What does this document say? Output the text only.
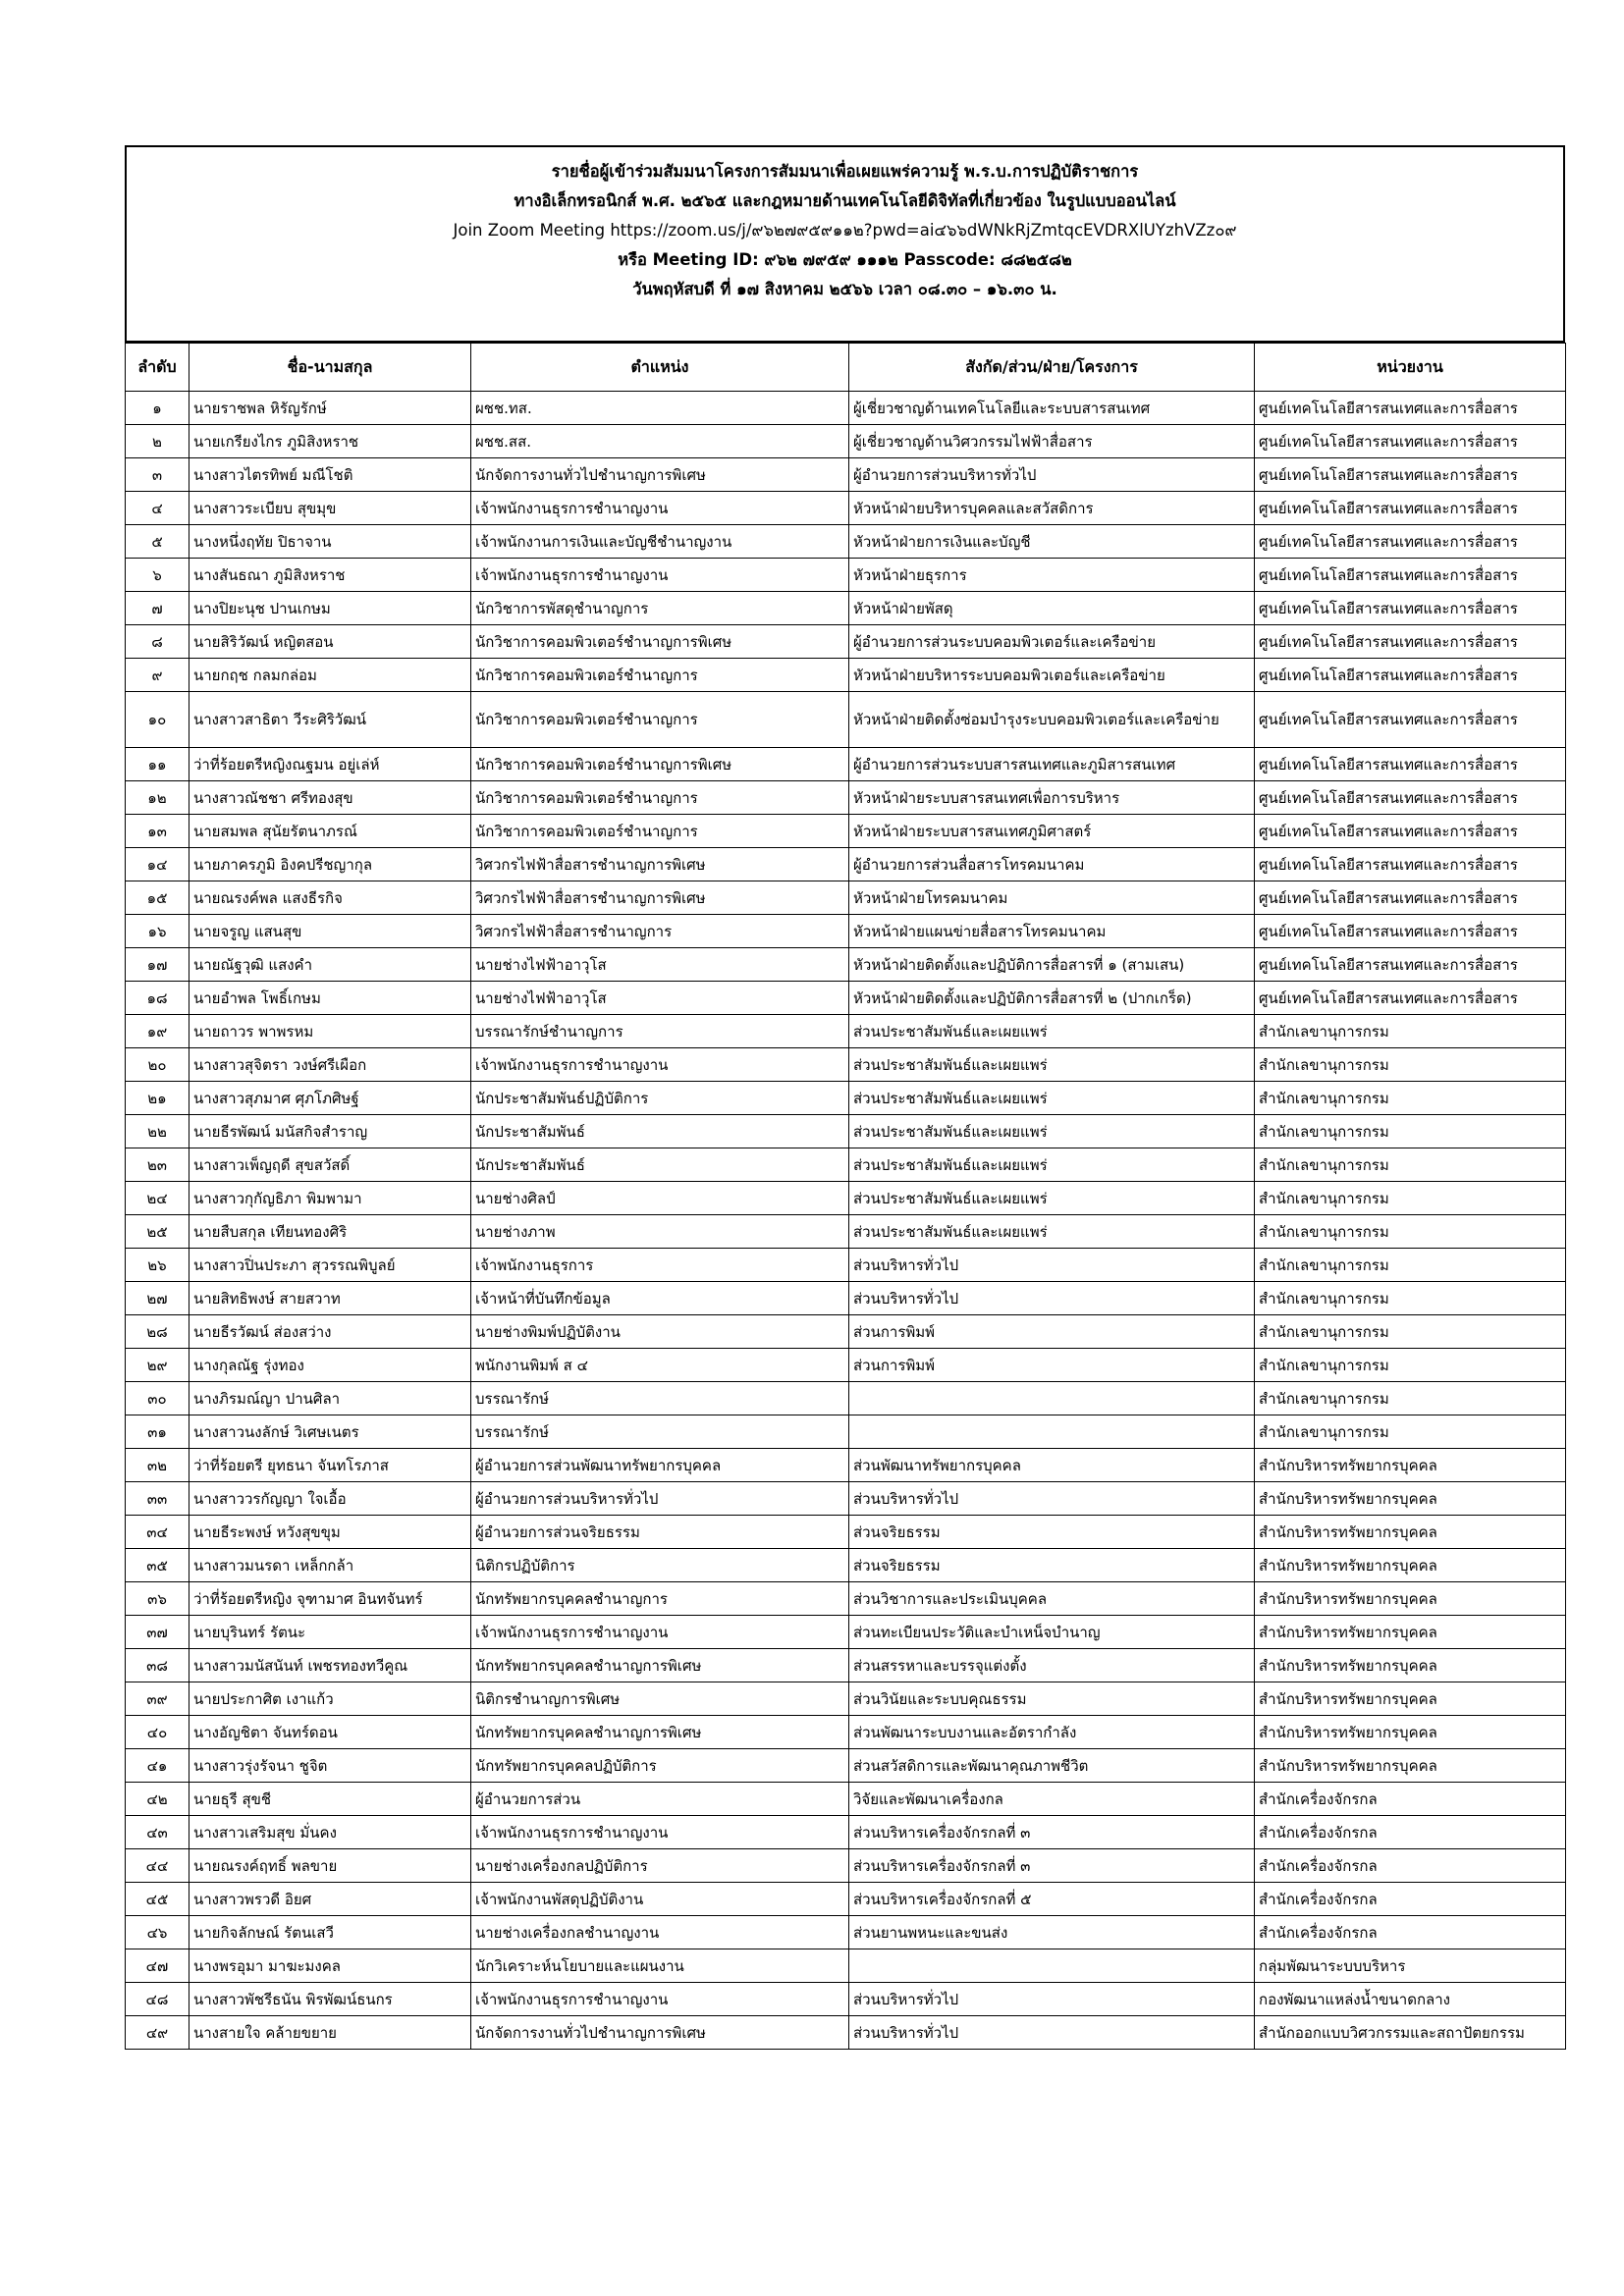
รายชื่อผู้เข้าร่วมสัมมนาโครงการสัมมนาเพื่อเผยแพร่ความรู้ พ.ร.บ.การปฏิบัติราชการ
ทางอิเล็กทรอนิกส์ พ.ศ. ๒๕๖๕ และกฎหมายด้านเทคโนโลยีดิจิทัลที่เกี่ยวข้อง ในรูปแบบออนไลน์
Join Zoom Meeting https://zoom.us/j/๙๖๒๗๙๕๙๑๑๒?pwd=ai๔๖๖dWNkRjZmtqcEVDRXlUYzhVZz๐๙
หรือ Meeting ID: ๙๖๒ ๗๙๕๙ ๑๑๑๒ Passcode: ๘๘๒๕๘๒
วันพฤหัสบดี ที่ ๑๗ สิงหาคม ๒๕๖๖ เวลา ๐๘.๓๐ – ๑๖.๓๐ น.
ลำดับ	ชื่อ-นามสกุล	ตำแหน่ง	สังกัด/ส่วน/ฝ่าย/โครงการ	หน่วยงาน
๑	นายราชพล หิรัญรักษ์	ผชช.ทส.	ผู้เชี่ยวชาญด้านเทคโนโลยีและระบบสารสนเทศ	ศูนย์เทคโนโลยีสารสนเทศและการสื่อสาร
๒	นายเกรียงไกร ภูมิสิงหราช	ผชช.สส.	ผู้เชี่ยวชาญด้านวิศวกรรมไฟฟ้าสื่อสาร	ศูนย์เทคโนโลยีสารสนเทศและการสื่อสาร
๓	นางสาวไตรทิพย์ มณีโชติ	นักจัดการงานทั่วไปชำนาญการพิเศษ	ผู้อำนวยการส่วนบริหารทั่วไป	ศูนย์เทคโนโลยีสารสนเทศและการสื่อสาร
๔	นางสาวระเบียบ สุขมุข	เจ้าพนักงานธุรการชำนาญงาน	หัวหน้าฝ่ายบริหารบุคคลและสวัสดิการ	ศูนย์เทคโนโลยีสารสนเทศและการสื่อสาร
๕	นางหนึ่งฤทัย ปิธาจาน	เจ้าพนักงานการเงินและบัญชีชำนาญงาน	หัวหน้าฝ่ายการเงินและบัญชี	ศูนย์เทคโนโลยีสารสนเทศและการสื่อสาร
๖	นางสันธณา ภูมิสิงหราช	เจ้าพนักงานธุรการชำนาญงาน	หัวหน้าฝ่ายธุรการ	ศูนย์เทคโนโลยีสารสนเทศและการสื่อสาร
๗	นางปิยะนุช ปานเกษม	นักวิชาการพัสดุชำนาญการ	หัวหน้าฝ่ายพัสดุ	ศูนย์เทคโนโลยีสารสนเทศและการสื่อสาร
๘	นายสิริวัฒน์ หญิตสอน	นักวิชาการคอมพิวเตอร์ชำนาญการพิเศษ	ผู้อำนวยการส่วนระบบคอมพิวเตอร์และเครือข่าย	ศูนย์เทคโนโลยีสารสนเทศและการสื่อสาร
๙	นายกฤช กลมกล่อม	นักวิชาการคอมพิวเตอร์ชำนาญการ	หัวหน้าฝ่ายบริหารระบบคอมพิวเตอร์และเครือข่าย	ศูนย์เทคโนโลยีสารสนเทศและการสื่อสาร
๑๐	นางสาวสาธิตา วีระศิริวัฒน์	นักวิชาการคอมพิวเตอร์ชำนาญการ	หัวหน้าฝ่ายติดตั้งซ่อมบำรุงระบบคอมพิวเตอร์และเครือข่าย	ศูนย์เทคโนโลยีสารสนเทศและการสื่อสาร
๑๑	ว่าที่ร้อยตรีหญิงณฐมน อยู่เล่ห์	นักวิชาการคอมพิวเตอร์ชำนาญการพิเศษ	ผู้อำนวยการส่วนระบบสารสนเทศและภูมิสารสนเทศ	ศูนย์เทคโนโลยีสารสนเทศและการสื่อสาร
๑๒	นางสาวณัชชา ศรีทองสุข	นักวิชาการคอมพิวเตอร์ชำนาญการ	หัวหน้าฝ่ายระบบสารสนเทศเพื่อการบริหาร	ศูนย์เทคโนโลยีสารสนเทศและการสื่อสาร
๑๓	นายสมพล สุนัยรัตนาภรณ์	นักวิชาการคอมพิวเตอร์ชำนาญการ	หัวหน้าฝ่ายระบบสารสนเทศภูมิศาสตร์	ศูนย์เทคโนโลยีสารสนเทศและการสื่อสาร
๑๔	นายภาครภูมิ อิงคปรีชญากุล	วิศวกรไฟฟ้าสื่อสารชำนาญการพิเศษ	ผู้อำนวยการส่วนสื่อสารโทรคมนาคม	ศูนย์เทคโนโลยีสารสนเทศและการสื่อสาร
๑๕	นายณรงค์พล แสงธีรกิจ	วิศวกรไฟฟ้าสื่อสารชำนาญการพิเศษ	หัวหน้าฝ่ายโทรคมนาคม	ศูนย์เทคโนโลยีสารสนเทศและการสื่อสาร
๑๖	นายจรูญ แสนสุข	วิศวกรไฟฟ้าสื่อสารชำนาญการ	หัวหน้าฝ่ายแผนข่ายสื่อสารโทรคมนาคม	ศูนย์เทคโนโลยีสารสนเทศและการสื่อสาร
๑๗	นายณัฐวุฒิ แสงคำ	นายช่างไฟฟ้าอาวุโส	หัวหน้าฝ่ายติดตั้งและปฏิบัติการสื่อสารที่ ๑ (สามเสน)	ศูนย์เทคโนโลยีสารสนเทศและการสื่อสาร
๑๘	นายอำพล โพธิ์เกษม	นายช่างไฟฟ้าอาวุโส	หัวหน้าฝ่ายติดตั้งและปฏิบัติการสื่อสารที่ ๒ (ปากเกร็ด)	ศูนย์เทคโนโลยีสารสนเทศและการสื่อสาร
๑๙	นายถาวร พาพรหม	บรรณารักษ์ชำนาญการ	ส่วนประชาสัมพันธ์และเผยแพร่	สำนักเลขานุการกรม
๒๐	นางสาวสุจิตรา วงษ์ศรีเผือก	เจ้าพนักงานธุรการชำนาญงาน	ส่วนประชาสัมพันธ์และเผยแพร่	สำนักเลขานุการกรม
๒๑	นางสาวสุภมาศ ศุภโภศิษฐ์	นักประชาสัมพันธ์ปฏิบัติการ	ส่วนประชาสัมพันธ์และเผยแพร่	สำนักเลขานุการกรม
๒๒	นายธีรพัฒน์ มนัสกิจสำราญ	นักประชาสัมพันธ์	ส่วนประชาสัมพันธ์และเผยแพร่	สำนักเลขานุการกรม
๒๓	นางสาวเพ็ญฤดี สุขสวัสดิ์	นักประชาสัมพันธ์	ส่วนประชาสัมพันธ์และเผยแพร่	สำนักเลขานุการกรม
๒๔	นางสาวกุกัญธิภา พิมพามา	นายช่างศิลป์	ส่วนประชาสัมพันธ์และเผยแพร่	สำนักเลขานุการกรม
๒๕	นายสืบสกุล เทียนทองศิริ	นายช่างภาพ	ส่วนประชาสัมพันธ์และเผยแพร่	สำนักเลขานุการกรม
๒๖	นางสาวปิ่นประภา สุวรรณพิบูลย์	เจ้าพนักงานธุรการ	ส่วนบริหารทั่วไป	สำนักเลขานุการกรม
๒๗	นายสิทธิพงษ์ สายสวาท	เจ้าหน้าที่บันทึกข้อมูล	ส่วนบริหารทั่วไป	สำนักเลขานุการกรม
๒๘	นายธีรวัฒน์ ส่องสว่าง	นายช่างพิมพ์ปฏิบัติงาน	ส่วนการพิมพ์	สำนักเลขานุการกรม
๒๙	นางกุลณัฐ รุ่งทอง	พนักงานพิมพ์ ส ๔	ส่วนการพิมพ์	สำนักเลขานุการกรม
๓๐	นางภิรมณ์ญา ปานศิลา	บรรณารักษ์		สำนักเลขานุการกรม
๓๑	นางสาวนงลักษ์ วิเศษเนตร	บรรณารักษ์		สำนักเลขานุการกรม
๓๒	ว่าที่ร้อยตรี ยุทธนา จันทโรภาส	ผู้อำนวยการส่วนพัฒนาทรัพยากรบุคคล	ส่วนพัฒนาทรัพยากรบุคคล	สำนักบริหารทรัพยากรบุคคล
๓๓	นางสาววรกัญญา ใจเอื้อ	ผู้อำนวยการส่วนบริหารทั่วไป	ส่วนบริหารทั่วไป	สำนักบริหารทรัพยากรบุคคล
๓๔	นายธีระพงษ์ หวังสุขขุม	ผู้อำนวยการส่วนจริยธรรม	ส่วนจริยธรรม	สำนักบริหารทรัพยากรบุคคล
๓๕	นางสาวมนรดา เหล็กกล้า	นิติกรปฏิบัติการ	ส่วนจริยธรรม	สำนักบริหารทรัพยากรบุคคล
๓๖	ว่าที่ร้อยตรีหญิง จุฑามาศ อินทจันทร์	นักทรัพยากรบุคคลชำนาญการ	ส่วนวิชาการและประเมินบุคคล	สำนักบริหารทรัพยากรบุคคล
๓๗	นายบุรินทร์ รัตนะ	เจ้าพนักงานธุรการชำนาญงาน	ส่วนทะเบียนประวัติและบำเหน็จบำนาญ	สำนักบริหารทรัพยากรบุคคล
๓๘	นางสาวมนัสนันท์ เพชรทองทวีคูณ	นักทรัพยากรบุคคลชำนาญการพิเศษ	ส่วนสรรหาและบรรจุแต่งตั้ง	สำนักบริหารทรัพยากรบุคคล
๓๙	นายประกาศิต เงาแก้ว	นิติกรชำนาญการพิเศษ	ส่วนวินัยและระบบคุณธรรม	สำนักบริหารทรัพยากรบุคคล
๔๐	นางอัญชิตา จันทร์ดอน	นักทรัพยากรบุคคลชำนาญการพิเศษ	ส่วนพัฒนาระบบงานและอัตรากำลัง	สำนักบริหารทรัพยากรบุคคล
๔๑	นางสาวรุ่งรัจนา ชูจิต	นักทรัพยากรบุคคลปฏิบัติการ	ส่วนสวัสดิการและพัฒนาคุณภาพชีวิต	สำนักบริหารทรัพยากรบุคคล
๔๒	นายธุรี สุขชี	ผู้อำนวยการส่วน	วิจัยและพัฒนาเครื่องกล	สำนักเครื่องจักรกล
๔๓	นางสาวเสริมสุข มั่นคง	เจ้าพนักงานธุรการชำนาญงาน	ส่วนบริหารเครื่องจักรกลที่ ๓	สำนักเครื่องจักรกล
๔๔	นายณรงค์ฤทธิ์ พลขาย	นายช่างเครื่องกลปฏิบัติการ	ส่วนบริหารเครื่องจักรกลที่ ๓	สำนักเครื่องจักรกล
๔๕	นางสาวพรวดี อิยศ	เจ้าพนักงานพัสดุปฏิบัติงาน	ส่วนบริหารเครื่องจักรกลที่ ๕	สำนักเครื่องจักรกล
๔๖	นายกิจลักษณ์ รัตนเสวี	นายช่างเครื่องกลชำนาญงาน	ส่วนยานพหนะและขนส่ง	สำนักเครื่องจักรกล
๔๗	นางพรอุมา มาฆะมงคล	นักวิเคราะห์นโยบายและแผนงาน		กลุ่มพัฒนาระบบบริหาร
๔๘	นางสาวพัชรีธนัน พิรพัฒน์ธนกร	เจ้าพนักงานธุรการชำนาญงาน	ส่วนบริหารทั่วไป	กองพัฒนาแหล่งน้ำขนาดกลาง
๔๙	นางสายใจ คล้ายขยาย	นักจัดการงานทั่วไปชำนาญการพิเศษ	ส่วนบริหารทั่วไป	สำนักออกแบบวิศวกรรมและสถาปัตยกรรม
